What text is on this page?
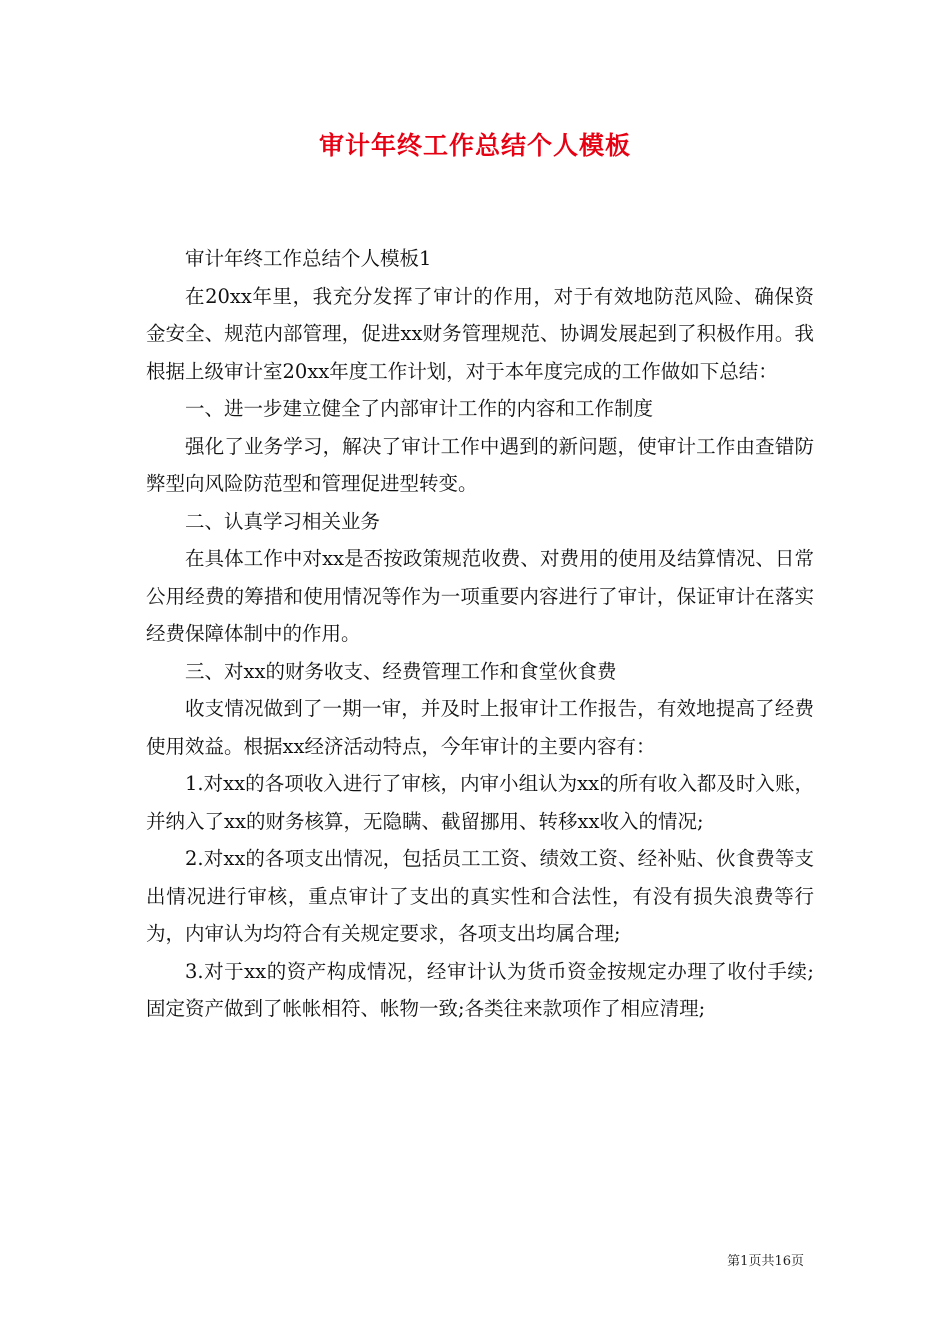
审计年终工作总结个人模板

审计年终工作总结个人模板1

在20xx年里，我充分发挥了审计的作用，对于有效地防范风险、确保资金安全、规范内部管理，促进xx财务管理规范、协调发展起到了积极作用。我根据上级审计室20xx年度工作计划，对于本年度完成的工作做如下总结：

一、进一步建立健全了内部审计工作的内容和工作制度

强化了业务学习，解决了审计工作中遇到的新问题，使审计工作由查错防弊型向风险防范型和管理促进型转变。

二、认真学习相关业务

在具体工作中对xx是否按政策规范收费、对费用的使用及结算情况、日常公用经费的筹措和使用情况等作为一项重要内容进行了审计，保证审计在落实经费保障体制中的作用。

三、对xx的财务收支、经费管理工作和食堂伙食费

收支情况做到了一期一审，并及时上报审计工作报告，有效地提高了经费使用效益。根据xx经济活动特点，今年审计的主要内容有：

1.对xx的各项收入进行了审核，内审小组认为xx的所有收入都及时入账，并纳入了xx的财务核算，无隐瞒、截留挪用、转移xx收入的情况;

2.对xx的各项支出情况，包括员工工资、绩效工资、经补贴、伙食费等支出情况进行审核，重点审计了支出的真实性和合法性，有没有损失浪费等行为，内审认为均符合有关规定要求，各项支出均属合理;

3.对于xx的资产构成情况，经审计认为货币资金按规定办理了收付手续;固定资产做到了帐帐相符、帐物一致;各类往来款项作了相应清理;

第1页共16页
